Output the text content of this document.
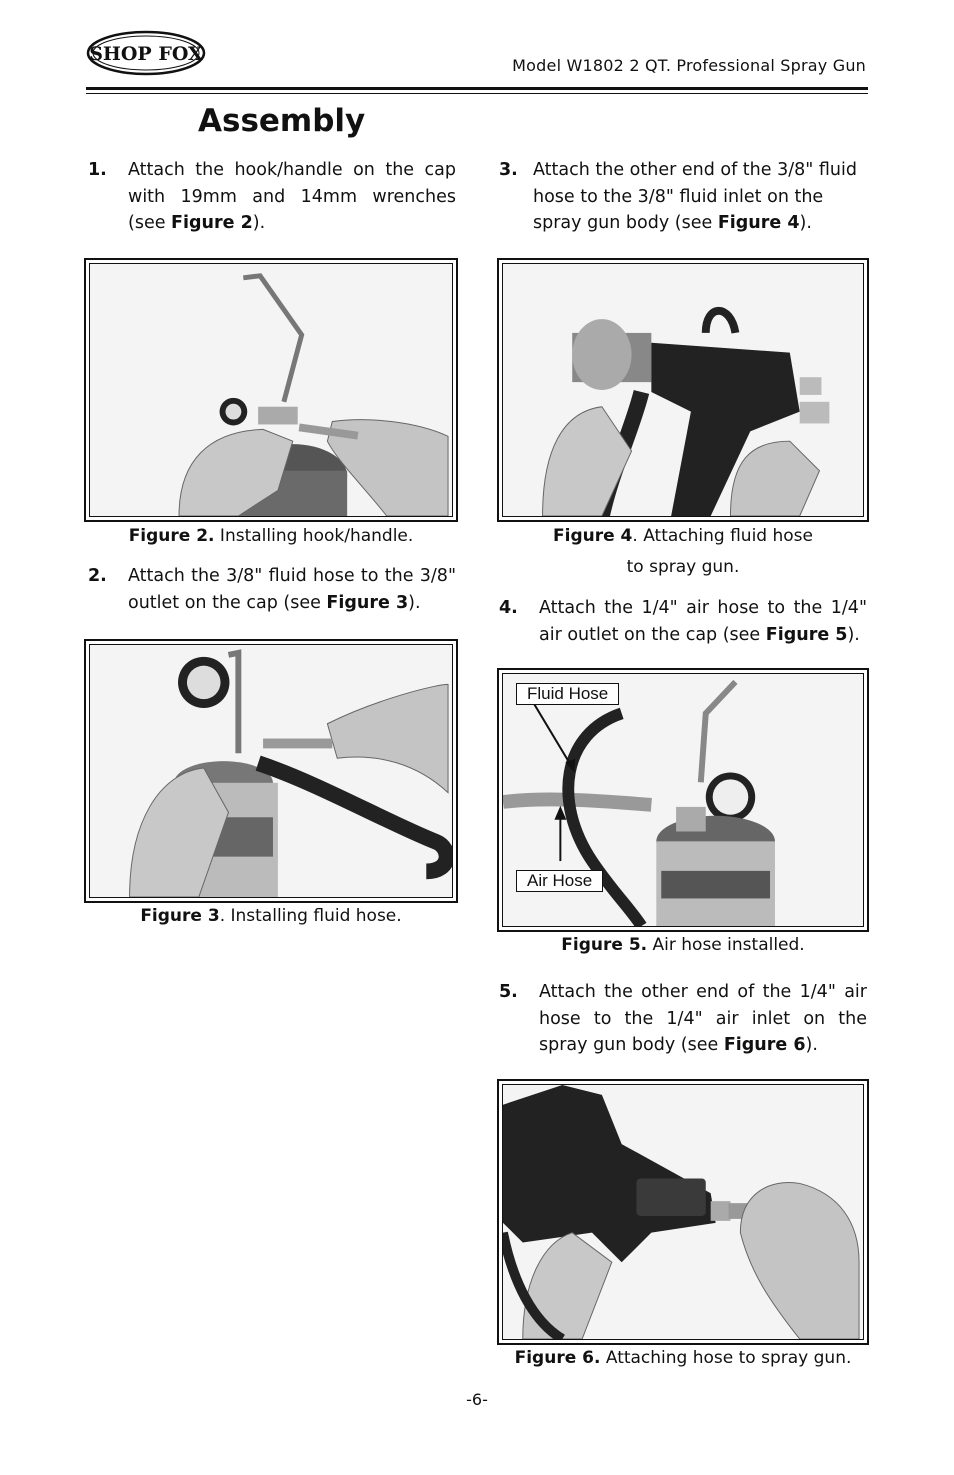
SHOP FOX
Model W1802 2 QT. Professional Spray Gun
Assembly
1. Attach the hook/handle on the cap with 19mm and 14mm wrenches (see Figure 2).
Figure 2. Installing hook/handle.
2. Attach the 3/8" fluid hose to the 3/8" outlet on the cap (see Figure 3).
Figure 3. Installing fluid hose.
3. Attach the other end of the 3/8" fluid hose to the 3/8" fluid inlet on the spray gun body (see Figure 4).
Figure 4. Attaching fluid hose
to spray gun.
4. Attach the 1/4" air hose to the 1/4" air outlet on the cap (see Figure 5).
Fluid Hose
Air Hose
Figure 5. Air hose installed.
5. Attach the other end of the 1/4" air hose to the 1/4" air inlet on the spray gun body (see Figure 6).
Figure 6. Attaching hose to spray gun.
-6-
